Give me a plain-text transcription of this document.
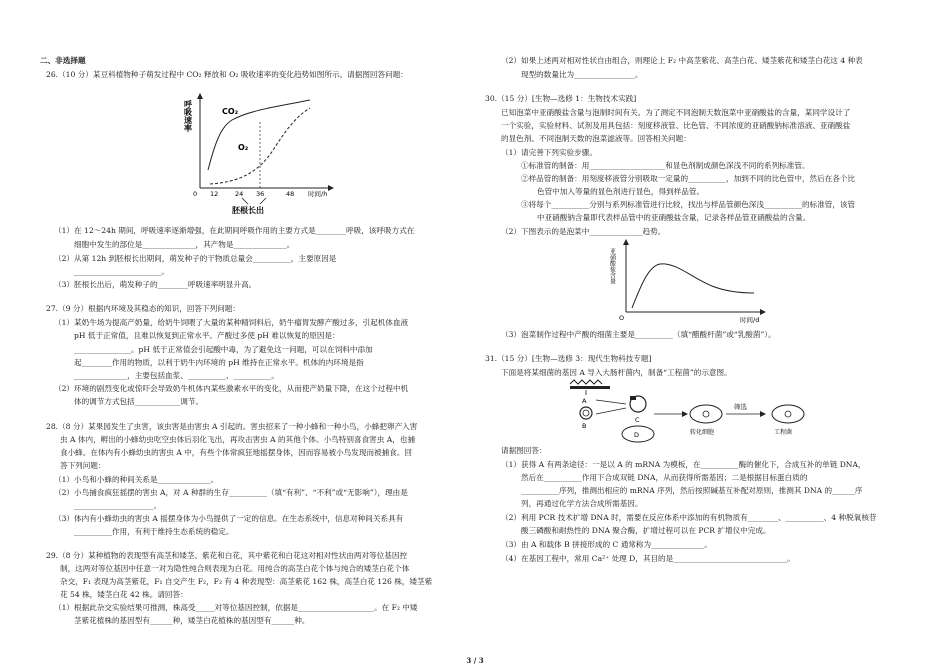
二、非选择题
26.（10 分）某豆科植物种子萌发过程中 CO₂ 释放和 O₂ 吸收速率的变化趋势如图所示。请据图回答问题：
（1）在 12～24h 期间，呼吸速率逐渐增强，在此期间呼吸作用的主要方式是________呼吸，该呼吸方式在
细胞中发生的部位是______________，其产物是______________。
（2）从第 12h 到胚根长出期间，萌发种子的干物质总量会__________，主要原因是
_______________________。
（3）胚根长出后，萌发种子的________呼吸速率明显升高。
27.（9 分）根据内环境及其稳态的知识，回答下列问题：
（1）某奶牛场为提高产奶量，给奶牛饲喂了大量的某种精饲料后，奶牛瘤胃发酵产酸过多，引起机体血液
pH 低于正常值，且难以恢复到正常水平。产酸过多使 pH 难以恢复的原因是：
_______________。pH 低于正常值会引起酸中毒，为了避免这一问题，可以在饲料中添加
起________作用的物质，以利于奶牛内环境的 pH 维持在正常水平。机体的内环境是指
______________，主要包括血浆、__________、__________。
（2）环境的剧烈变化或惊吓会导致奶牛机体内某些激素水平的变化，从而使产奶量下降，在这个过程中机
体的调节方式包括____________调节。
28.（8 分）某果园发生了虫害，该虫害是由害虫 A 引起的。害虫招来了一种小蜂和一种小鸟，小蜂把卵产入害
虫 A 体内，孵出的小蜂幼虫吃空虫体后羽化飞出，再攻击害虫 A 的其他个体。小鸟特别喜食害虫 A，也捕
食小蜂。在体内有小蜂幼虫的害虫 A 中，有些个体常疯狂地摇摆身体，因而容易被小鸟发现而被捕食。回
答下列问题：
（1）小鸟和小蜂的种间关系是______________。
（2）小鸟捕食疯狂摇摆的害虫 A，对 A 种群的生存__________（填“有利”、“不利”或“无影响”），理由是
_____________________。
（3）体内有小蜂幼虫的害虫 A 摇摆身体为小鸟提供了一定的信息。在生态系统中，信息对种间关系具有
__________作用，有利于维持生态系统的稳定。
29.（8 分）某种植物的表现型有高茎和矮茎、紫花和白花，其中紫花和白花这对相对性状由两对等位基因控
制，这两对等位基因中任意一对为隐性纯合则表现为白花。用纯合的高茎白花个体与纯合的矮茎白花个体
杂交，F₁ 表现为高茎紫花，F₁ 自交产生 F₂，F₂ 有 4 种表现型：高茎紫花 162 株，高茎白花 126 株，矮茎紫
花 54 株，矮茎白花 42 株。请回答：
（1）根据此杂交实验结果可推测，株高受_____对等位基因控制，依据是____________________。在 F₂ 中矮
茎紫花植株的基因型有______种，矮茎白花植株的基因型有______种。
（2）如果上述两对相对性状自由组合，则理论上 F₂ 中高茎紫花、高茎白花、矮茎紫花和矮茎白花这 4 种表
现型的数量比为________________。
30.（15 分）[生物—选修 1：生物技术实践]
已知泡菜中亚硝酸盐含量与泡制时间有关。为了测定不同泡制天数泡菜中亚硝酸盐的含量，某同学设计了
一个实验，实验材料、试剂及用具包括：刻度移液管、比色管、不同浓度的亚硝酸钠标准溶液、亚硝酸盐
的显色剂、不同泡制天数的泡菜滤液等。回答相关问题：
（1）请完善下列实验步骤。
①标准管的制备：用____________________和显色剂制成颜色深浅不同的系列标准管。
②样品管的制备：用刻度移液管分别吸取一定量的__________，加到不同的比色管中，然后在各个比
色管中加入等量的显色剂进行显色，得到样品管。
③将每个__________分别与系列标准管进行比较，找出与样品管颜色深浅__________的标准管，该管
中亚硝酸钠含量即代表样品管中的亚硝酸盐含量，记录各样品管亚硝酸盐的含量。
（2）下图表示的是泡菜中______________趋势。
（3）泡菜制作过程中产酸的细菌主要是__________（填“醋酸杆菌”或“乳酸菌”）。
31.（15 分）[生物—选修 3：现代生物科技专题]
下面是将某细菌的基因 A 导入大肠杆菌内，制备“工程菌”的示意图。
请据图回答：
（1）获得 A 有两条途径：一是以 A 的 mRNA 为模板，在__________酶的催化下，合成互补的单链 DNA，
然后在__________作用下合成双链 DNA，从而获得所需基因；二是根据目标蛋白质的
__________序列，推测出相应的 mRNA 序列，然后按照碱基互补配对原则，推测其 DNA 的______序
列，再通过化学方法合成所需基因。
（2）利用 PCR 技术扩增 DNA 时，需要在反应体系中添加的有机物质有________、__________、4 种脱氧核苷
酸三磷酸和耐热性的 DNA 聚合酶，扩增过程可以在 PCR 扩增仪中完成。
（3）由 A 和载体 B 拼接形成的 C 通常称为______________。
（4）在基因工程中，常用 Ca²⁺ 处理 D，其目的是______________________________。
呼吸速率	CO₂
O₂
0 12	24 36	48 时间/h
胚根长出
亚硝酸盐含量
O	时间/d
A
B
C
D	转化细胞
筛选
工程菌
3 / 3
